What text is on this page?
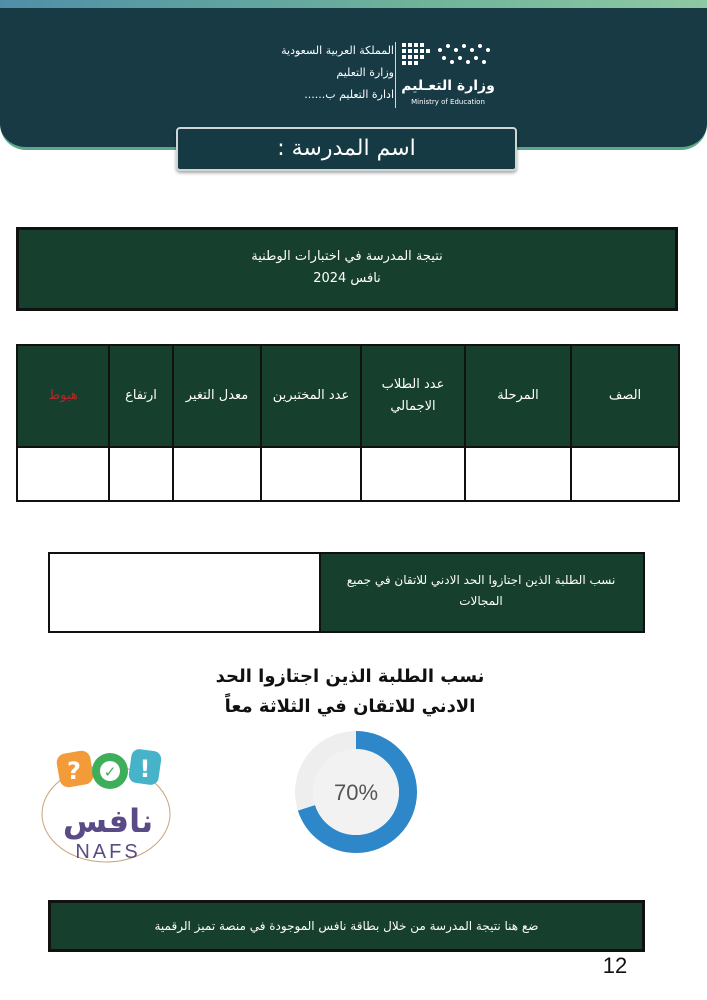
المملكة العربية السعودية
وزارة التعليم
ادارة التعليم ب......
وزارة التعـليم
Ministry of Education
اسم المدرسة :
نتيجة المدرسة في اختبارات الوطنية
نافس 2024
الصف	المرحلة	عدد الطلاب الاجمالي	عدد المختبرين	معدل التغير	ارتفاع	هبوط

نسب الطلبة الذين اجتازوا الحد الادني للاتقان في جميع المجالات
نسب الطلبة الذين اجتازوا الحد
الادني للاتقان في الثلاثة معاً
70%
? ✓ !
نافس
NAFS
ضع هنا نتيجة المدرسة من خلال بطاقة نافس الموجودة في منصة تميز الرقمية
12
